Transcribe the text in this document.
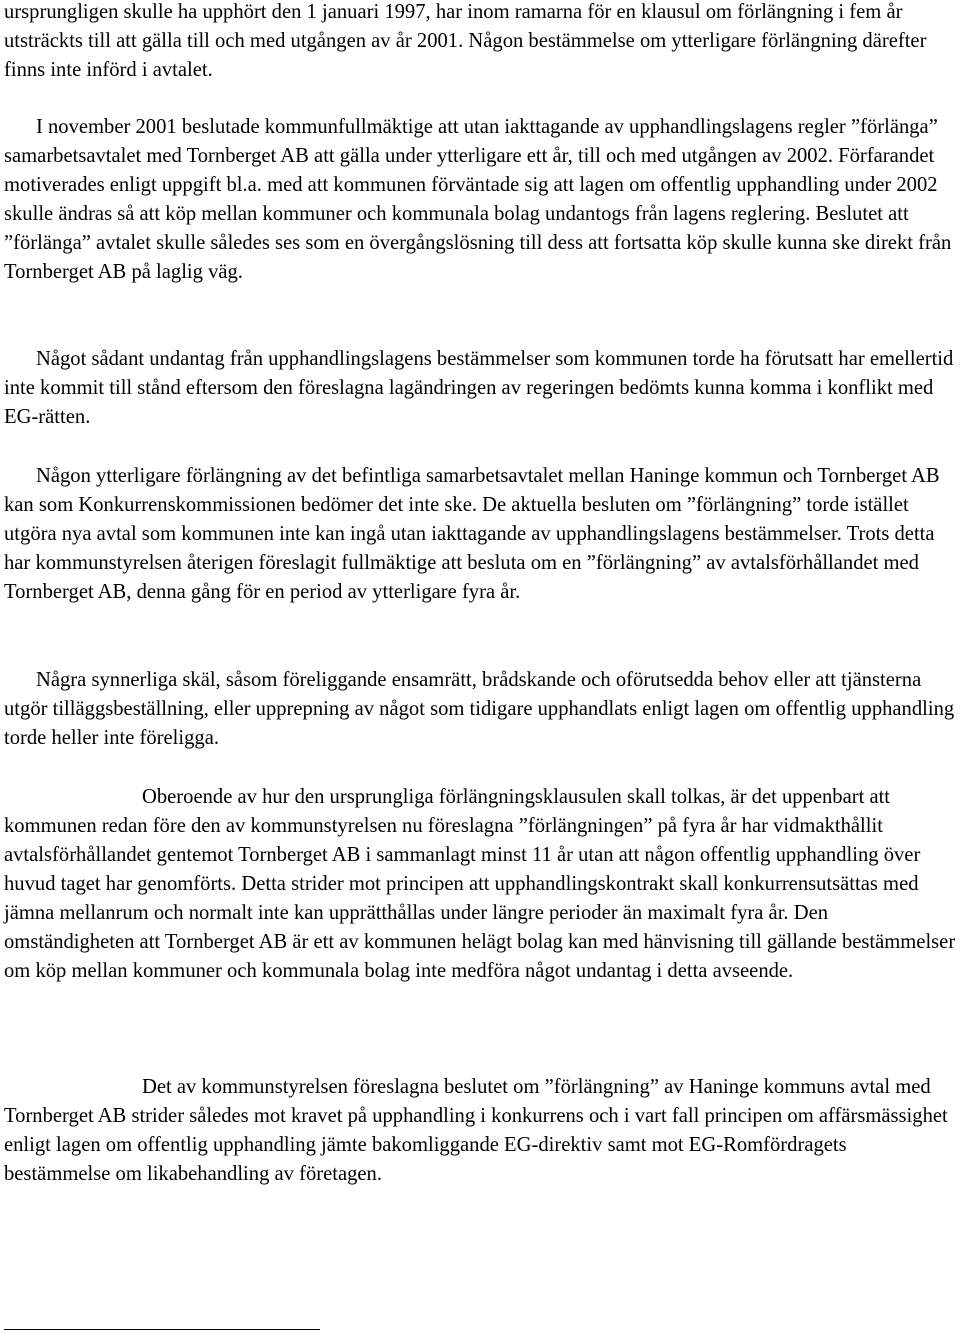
ursprungligen skulle ha upphört den 1 januari 1997, har inom ramarna för en klausul om förlängning i fem år utsträckts till att gälla till och med utgången av år 2001. Någon bestämmelse om ytterligare förlängning därefter finns inte införd i avtalet.

I november 2001 beslutade kommunfullmäktige att utan iakttagande av upphandlingslagens regler ”förlänga” samarbetsavtalet med Tornberget AB att gälla under ytterligare ett år, till och med utgången av 2002. Förfarandet motiverades enligt uppgift bl.a. med att kommunen förväntade sig att lagen om offentlig upphandling under 2002 skulle ändras så att köp mellan kommuner och kommunala bolag undantogs från lagens reglering. Beslutet att ”förlänga” avtalet skulle således ses som en övergångslösning till dess att fortsatta köp skulle kunna ske direkt från Tornberget AB på laglig väg.

Något sådant undantag från upphandlingslagens bestämmelser som kommunen torde ha förutsatt har emellertid inte kommit till stånd eftersom den föreslagna lagändringen av regeringen bedömts kunna komma i konflikt med EG-rätten.

Någon ytterligare förlängning av det befintliga samarbetsavtalet mellan Haninge kommun och Tornberget AB kan som Konkurrenskommissionen bedömer det inte ske. De aktuella besluten om ”förlängning” torde istället utgöra nya avtal som kommunen inte kan ingå utan iakttagande av upphandlingslagens bestämmelser. Trots detta har kommunstyrelsen återigen föreslagit fullmäktige att besluta om en ”förlängning” av avtalsförhållandet med Tornberget AB, denna gång för en period av ytterligare fyra år.

Några synnerliga skäl, såsom föreliggande ensamrätt, brådskande och oförutsedda behov eller att tjänsterna utgör tilläggsbeställning, eller upprepning av något som tidigare upphandlats enligt lagen om offentlig upphandling torde heller inte föreligga.

Oberoende av hur den ursprungliga förlängningsklausulen skall tolkas, är det uppenbart att kommunen redan före den av kommunstyrelsen nu föreslagna ”förlängningen” på fyra år har vidmakthållit avtalsförhållandet gentemot Tornberget AB i sammanlagt minst 11 år utan att någon offentlig upphandling över huvud taget har genomförts. Detta strider mot principen att upphandlingskontrakt skall konkurrensutsättas med jämna mellanrum och normalt inte kan upprätthållas under längre perioder än maximalt fyra år. Den omständigheten att Tornberget AB är ett av kommunen helägt bolag kan med hänvisning till gällande bestämmelser om köp mellan kommuner och kommunala bolag inte medföra något undantag i detta avseende.

Det av kommunstyrelsen föreslagna beslutet om ”förlängning” av Haninge kommuns avtal med Tornberget AB strider således mot kravet på upphandling i konkurrens och i vart fall principen om affärsmässighet enligt lagen om offentlig upphandling jämte bakomliggande EG-direktiv samt mot EG-Romfördragets bestämmelse om likabehandling av företagen.
